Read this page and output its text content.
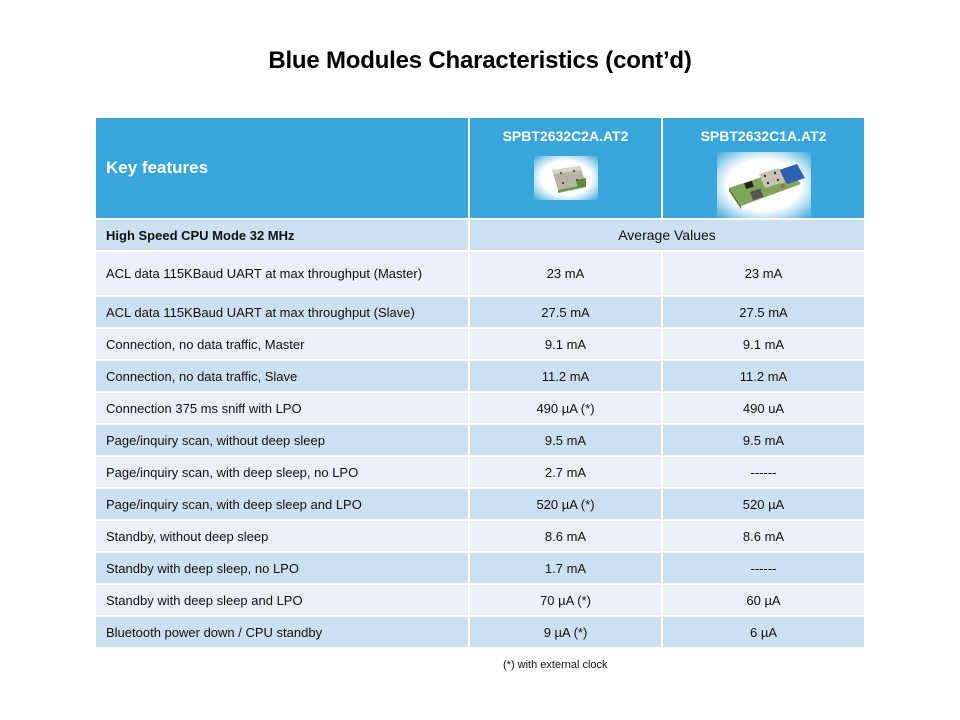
Blue Modules Characteristics (cont’d)
Key features	SPBT2632C2A.AT2	SPBT2632C1A.AT2

High Speed CPU Mode 32 MHz	Average Values	
ACL data 115KBaud UART at max throughput (Master)	23 mA	23 mA
ACL data 115KBaud UART at max throughput (Slave)	27.5 mA	27.5 mA
Connection, no data traffic, Master	9.1 mA	9.1 mA
Connection, no data traffic, Slave	11.2 mA	11.2 mA
Connection 375 ms sniff with LPO	490 µA (*)	490 uA
Page/inquiry scan, without deep sleep	9.5 mA	9.5 mA
Page/inquiry scan, with deep sleep, no LPO	2.7 mA	------
Page/inquiry scan, with deep sleep and LPO	520 µA (*)	520 µA
Standby, without deep sleep	8.6 mA	8.6 mA
Standby with deep sleep, no LPO	1.7 mA	------
Standby with deep sleep and LPO	70 µA (*)	60 µA
Bluetooth power down / CPU standby	9 µA (*)	6 µA
(*) with external clock
